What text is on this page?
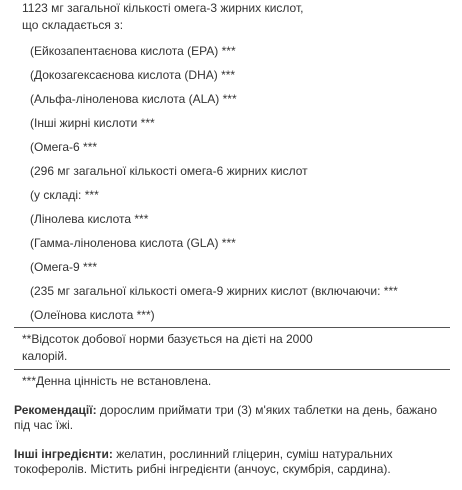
1123 мг загальної кількості омега-3 жирних кислот,
що складається з:
(Ейкозапентаєнова кислота (EPA) ***
(Докозагексаєнова кислота (DHA) ***
(Альфа-ліноленова кислота (ALA) ***
(Інші жирні кислоти ***
(Омега-6 ***
(296 мг загальної кількості омега-6 жирних кислот
(у складі: ***
(Лінолева кислота ***
(Гамма-ліноленова кислота (GLA) ***
(Омега-9 ***
(235 мг загальної кількості омега-9 жирних кислот (включаючи: ***
(Олеїнова кислота ***)
**Відсоток добової норми базується на дієті на 2000
калорій.
***Денна цінність не встановлена.
Рекомендації: дорослим приймати три (3) м'яких таблетки на день, бажано під час їжі.
Інші інгредієнти: желатин, рослинний гліцерин, суміш натуральних токоферолів. Містить рибні інгредієнти (анчоус, скумбрія, сардина).
